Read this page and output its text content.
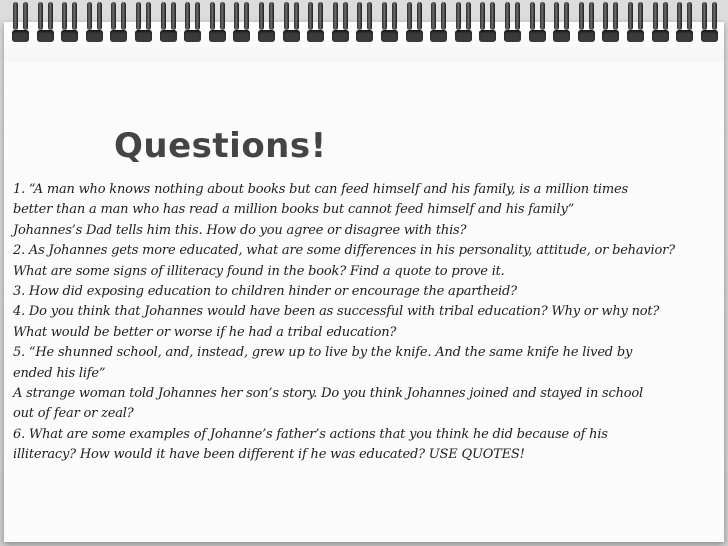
Questions!
1. “A man who knows nothing about books but can feed himself and his family, is a million times
better than a man who has read a million books but cannot feed himself and his family”
Johannes’s Dad tells him this. How do you agree or disagree with this?
2. As Johannes gets more educated, what are some differences in his personality, attitude, or behavior?
What are some signs of illiteracy found in the book? Find a quote to prove it.
3. How did exposing education to children hinder or encourage the apartheid?
4. Do you think that Johannes would have been as successful with tribal education? Why or why not?
What would be better or worse if he had a tribal education?
5. “He shunned school, and, instead, grew up to live by the knife. And the same knife he lived by
ended his life”
A strange woman told Johannes her son’s story. Do you think Johannes joined and stayed in school
out of fear or zeal?
6. What are some examples of Johanne’s father’s actions that you think he did because of his
illiteracy? How would it have been different if he was educated? USE QUOTES!
